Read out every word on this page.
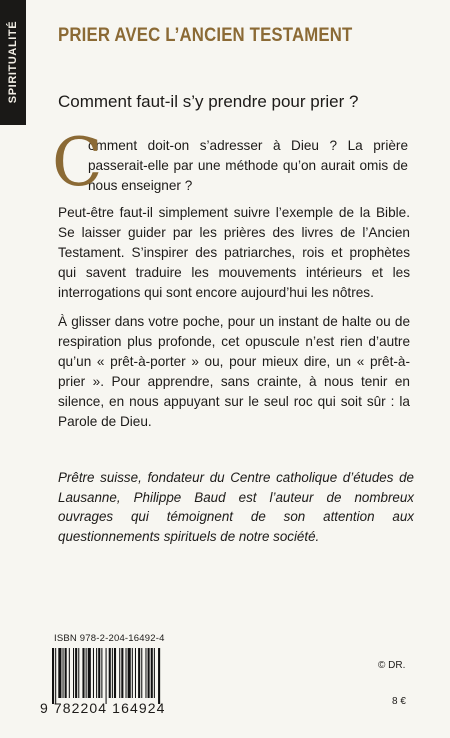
SPIRITUALITÉ PRIER AVEC L’ANCIEN TESTAMENT
Comment faut-il s’y prendre pour prier ?
C

omment doit-on s’adresser à Dieu ? La prière passerait-elle par une méthode qu’on aurait omis de nous enseigner ?

Peut-être faut-il simplement suivre l’exemple de la Bible. Se laisser guider par les prières des livres de l’Ancien Testament. S’inspirer des patriarches, rois et prophètes qui savent traduire les mouvements intérieurs et les interrogations qui sont encore aujourd’hui les nôtres.

À glisser dans votre poche, pour un instant de halte ou de respiration plus profonde, cet opuscule n’est rien d’autre qu’un « prêt-à-porter » ou, pour mieux dire, un « prêt-à-prier ». Pour apprendre, sans crainte, à nous tenir en silence, en nous appuyant sur le seul roc qui soit sûr : la Parole de Dieu.

Prêtre suisse, fondateur du Centre catholique d’études de Lausanne, Philippe Baud est l’auteur de nombreux ouvrages qui témoignent de son attention aux questionnements spirituels de notre société.

ISBN 978-2-204-16492-4
9 782204 164924
© DR.
8 €
